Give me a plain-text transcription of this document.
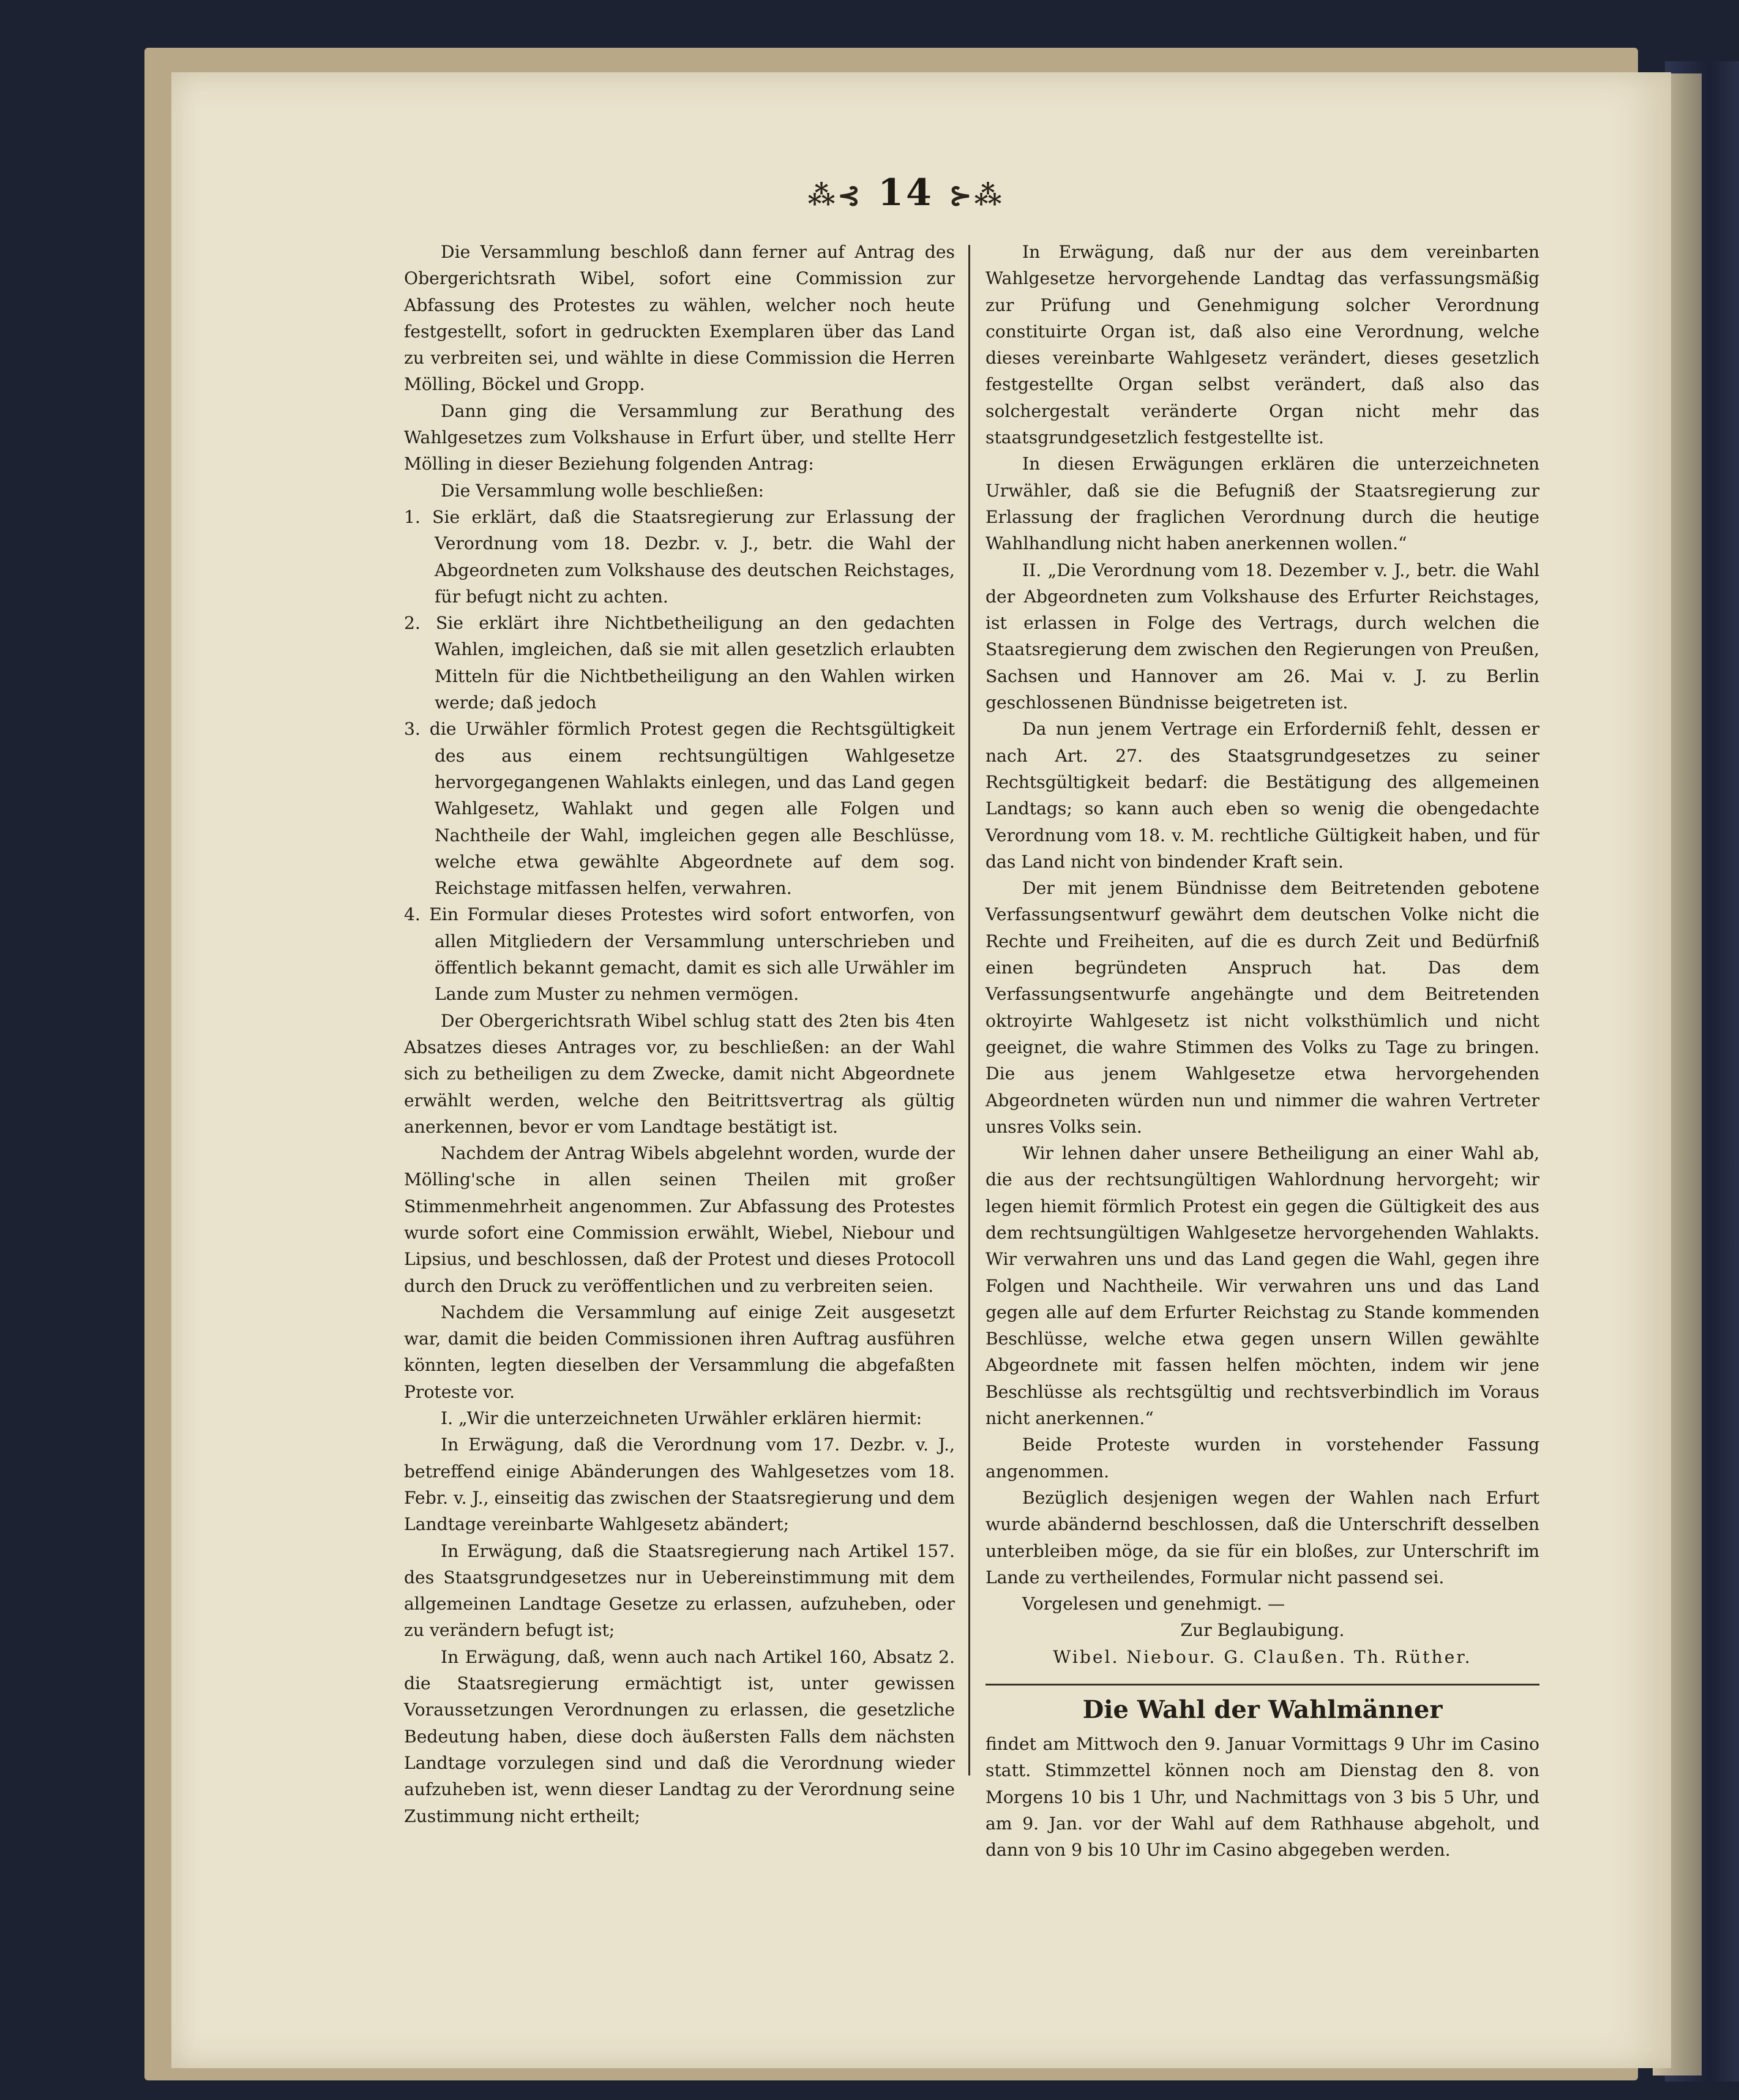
⁂⊰ 14 ⊱⁂

Die Versammlung beschloß dann ferner auf Antrag des Obergerichtsrath Wibel, sofort eine Commission zur Abfassung des Protestes zu wählen, welcher noch heute festgestellt, sofort in gedruckten Exemplaren über das Land zu verbreiten sei, und wählte in diese Commission die Herren Mölling, Böckel und Gropp.

Dann ging die Versammlung zur Berathung des Wahlgesetzes zum Volkshause in Erfurt über, und stellte Herr Mölling in dieser Beziehung folgenden Antrag:

Die Versammlung wolle beschließen:

1. Sie erklärt, daß die Staatsregierung zur Erlassung der Verordnung vom 18. Dezbr. v. J., betr. die Wahl der Abgeordneten zum Volkshause des deutschen Reichstages, für befugt nicht zu achten.

2. Sie erklärt ihre Nichtbetheiligung an den gedachten Wahlen, imgleichen, daß sie mit allen gesetzlich erlaubten Mitteln für die Nichtbetheiligung an den Wahlen wirken werde; daß jedoch

3. die Urwähler förmlich Protest gegen die Rechtsgültigkeit des aus einem rechtsungültigen Wahlgesetze hervorgegangenen Wahlakts einlegen, und das Land gegen Wahlgesetz, Wahlakt und gegen alle Folgen und Nachtheile der Wahl, imgleichen gegen alle Beschlüsse, welche etwa gewählte Abgeordnete auf dem sog. Reichstage mitfassen helfen, verwahren.

4. Ein Formular dieses Protestes wird sofort entworfen, von allen Mitgliedern der Versammlung unterschrieben und öffentlich bekannt gemacht, damit es sich alle Urwähler im Lande zum Muster zu nehmen vermögen.

Der Obergerichtsrath Wibel schlug statt des 2ten bis 4ten Absatzes dieses Antrages vor, zu beschließen: an der Wahl sich zu betheiligen zu dem Zwecke, damit nicht Abgeordnete erwählt werden, welche den Beitrittsvertrag als gültig anerkennen, bevor er vom Landtage bestätigt ist.

Nachdem der Antrag Wibels abgelehnt worden, wurde der Mölling'sche in allen seinen Theilen mit großer Stimmenmehrheit angenommen. Zur Abfassung des Protestes wurde sofort eine Commission erwählt, Wiebel, Niebour und Lipsius, und beschlossen, daß der Protest und dieses Protocoll durch den Druck zu veröffentlichen und zu verbreiten seien.

Nachdem die Versammlung auf einige Zeit ausgesetzt war, damit die beiden Commissionen ihren Auftrag ausführen könnten, legten dieselben der Versammlung die abgefaßten Proteste vor.

I. „Wir die unterzeichneten Urwähler erklären hiermit:

In Erwägung, daß die Verordnung vom 17. Dezbr. v. J., betreffend einige Abänderungen des Wahlgesetzes vom 18. Febr. v. J., einseitig das zwischen der Staatsregierung und dem Landtage vereinbarte Wahlgesetz abändert;

In Erwägung, daß die Staatsregierung nach Artikel 157. des Staatsgrundgesetzes nur in Uebereinstimmung mit dem allgemeinen Landtage Gesetze zu erlassen, aufzuheben, oder zu verändern befugt ist;

In Erwägung, daß, wenn auch nach Artikel 160, Absatz 2. die Staatsregierung ermächtigt ist, unter gewissen Voraussetzungen Verordnungen zu erlassen, die gesetzliche Bedeutung haben, diese doch äußersten Falls dem nächsten Landtage vorzulegen sind und daß die Verordnung wieder aufzuheben ist, wenn dieser Landtag zu der Verordnung seine Zustimmung nicht ertheilt;

In Erwägung, daß nur der aus dem vereinbarten Wahlgesetze hervorgehende Landtag das verfassungsmäßig zur Prüfung und Genehmigung solcher Verordnung constituirte Organ ist, daß also eine Verordnung, welche dieses vereinbarte Wahlgesetz verändert, dieses gesetzlich festgestellte Organ selbst verändert, daß also das solchergestalt veränderte Organ nicht mehr das staatsgrundgesetzlich festgestellte ist.

In diesen Erwägungen erklären die unterzeichneten Urwähler, daß sie die Befugniß der Staatsregierung zur Erlassung der fraglichen Verordnung durch die heutige Wahlhandlung nicht haben anerkennen wollen.“

II. „Die Verordnung vom 18. Dezember v. J., betr. die Wahl der Abgeordneten zum Volkshause des Erfurter Reichstages, ist erlassen in Folge des Vertrags, durch welchen die Staatsregierung dem zwischen den Regierungen von Preußen, Sachsen und Hannover am 26. Mai v. J. zu Berlin geschlossenen Bündnisse beigetreten ist.

Da nun jenem Vertrage ein Erforderniß fehlt, dessen er nach Art. 27. des Staatsgrundgesetzes zu seiner Rechtsgültigkeit bedarf: die Bestätigung des allgemeinen Landtags; so kann auch eben so wenig die obengedachte Verordnung vom 18. v. M. rechtliche Gültigkeit haben, und für das Land nicht von bindender Kraft sein.

Der mit jenem Bündnisse dem Beitretenden gebotene Verfassungsentwurf gewährt dem deutschen Volke nicht die Rechte und Freiheiten, auf die es durch Zeit und Bedürfniß einen begründeten Anspruch hat. Das dem Verfassungsentwurfe angehängte und dem Beitretenden oktroyirte Wahlgesetz ist nicht volksthümlich und nicht geeignet, die wahre Stimmen des Volks zu Tage zu bringen. Die aus jenem Wahlgesetze etwa hervorgehenden Abgeordneten würden nun und nimmer die wahren Vertreter unsres Volks sein.

Wir lehnen daher unsere Betheiligung an einer Wahl ab, die aus der rechtsungültigen Wahlordnung hervorgeht; wir legen hiemit förmlich Protest ein gegen die Gültigkeit des aus dem rechtsungültigen Wahlgesetze hervorgehenden Wahlakts. Wir verwahren uns und das Land gegen die Wahl, gegen ihre Folgen und Nachtheile. Wir verwahren uns und das Land gegen alle auf dem Erfurter Reichstag zu Stande kommenden Beschlüsse, welche etwa gegen unsern Willen gewählte Abgeordnete mit fassen helfen möchten, indem wir jene Beschlüsse als rechtsgültig und rechtsverbindlich im Voraus nicht anerkennen.“

Beide Proteste wurden in vorstehender Fassung angenommen.

Bezüglich desjenigen wegen der Wahlen nach Erfurt wurde abändernd beschlossen, daß die Unterschrift desselben unterbleiben möge, da sie für ein bloßes, zur Unterschrift im Lande zu vertheilendes, Formular nicht passend sei.

Vorgelesen und genehmigt. —

Zur Beglaubigung.

Wibel. Niebour. G. Claußen. Th. Rüther.

Die Wahl der Wahlmänner

findet am Mittwoch den 9. Januar Vormittags 9 Uhr im Casino statt. Stimmzettel können noch am Dienstag den 8. von Morgens 10 bis 1 Uhr, und Nachmittags von 3 bis 5 Uhr, und am 9. Jan. vor der Wahl auf dem Rathhause abgeholt, und dann von 9 bis 10 Uhr im Casino abgegeben werden.
